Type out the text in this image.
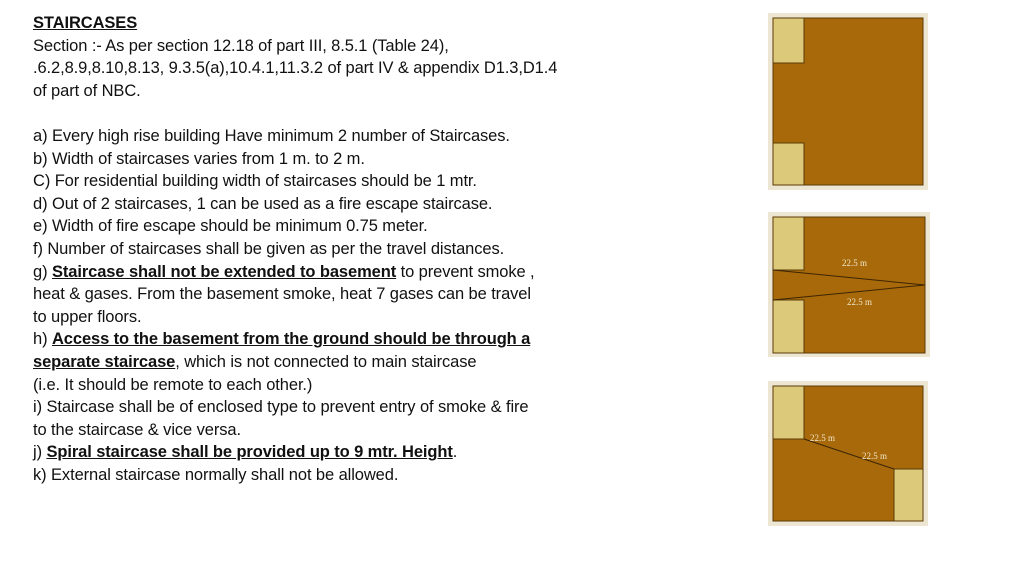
STAIRCASES
Section :- As per section 12.18 of part III, 8.5.1 (Table 24),
.6.2,8.9,8.10,8.13, 9.3.5(a),10.4.1,11.3.2 of part IV & appendix D1.3,D1.4
of part of NBC.
a) Every high rise building Have minimum 2 number of Staircases.
b) Width of staircases varies from 1 m. to 2 m.
C) For residential building width of staircases should be 1 mtr.
d) Out of 2 staircases, 1 can be used as a fire escape staircase.
e) Width of fire escape should be minimum 0.75 meter.
f) Number of staircases shall be given as per the travel distances.
g) Staircase shall not be extended to basement to prevent smoke ,
heat & gases. From the basement smoke, heat 7 gases can be travel
to upper floors.
h) Access to the basement from the ground should be through a
separate staircase, which is not connected to main staircase
(i.e. It should be remote to each other.)
i) Staircase shall be of enclosed type to prevent entry of smoke & fire
to the staircase & vice versa.
j) Spiral staircase shall be provided up to 9 mtr. Height.
k) External staircase normally shall not be allowed.
22.5 m
22.5 m
22.5 m
22.5 m
